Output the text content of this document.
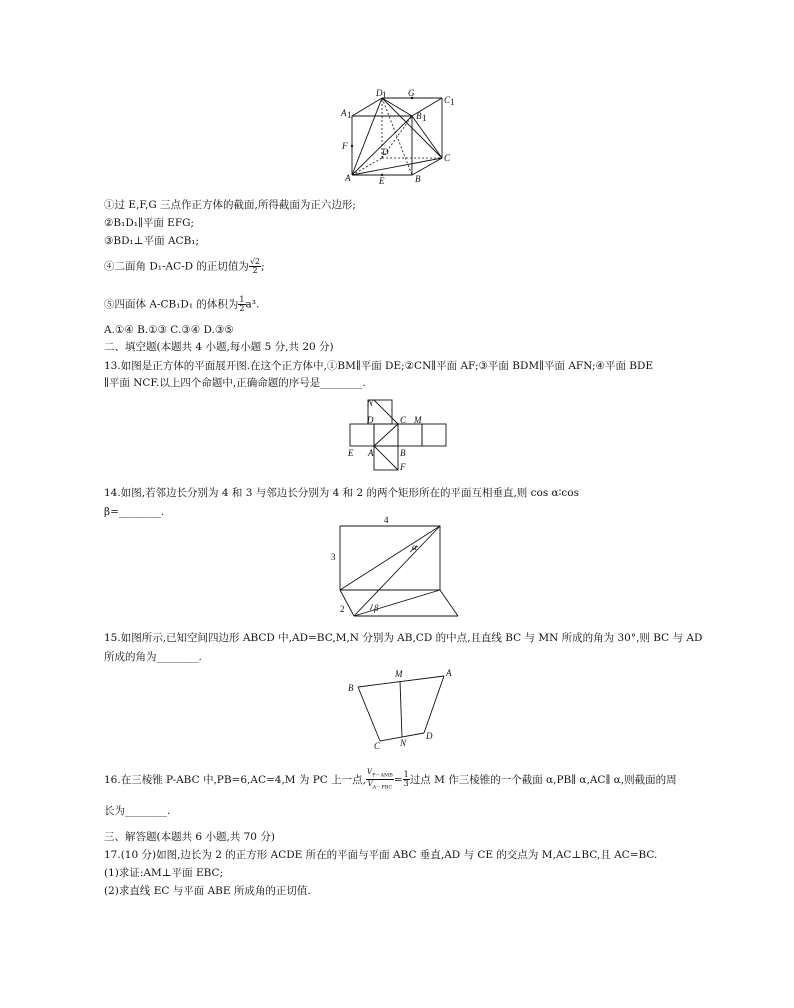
D 1 G
C 1
A 1	B 1
F
D
C
A	E	B
①过 E,F,G 三点作正方体的截面,所得截面为正六边形;
②B₁D₁∥平面 EFG;
③BD₁⊥平面 ACB₁;
④二面角 D₁-AC-D 的正切值为 $\frac{√2}{2}$ ;
⑤四面体 A-CB₁D₁ 的体积为 $\frac{1}{2} a^3$.
A.①④ B.①③ C.③④ D.③⑤
二、填空题(本题共 4 小题,每小题 5 分,共 20 分)
13.如图是正方体的平面展开图.在这个正方体中,①BM∥平面 DE;②CN∥平面 AF;③平面 BDM∥平面 AFN;④平面 BDE
∥平面 NCF.以上四个命题中,正确命题的序号是________.
N
D	C M
E A	B
F
14.如图,若邻边长分别为 4 和 3 与邻边长分别为 4 和 2 的两个矩形所在的平面互相垂直,则 cos α∶cos
β=________.
4
3
2
α
β
15.如图所示,已知空间四边形 ABCD 中,AD=BC,M,N 分别为 AB,CD 的中点,且直线 BC 与 MN 所成的角为 30°,则 BC 与 AD
所成的角为________.
B
M	A
C N
D
16.在三棱锥 P-ABC 中,PB=6,AC=4,M 为 PC 上一点, $\frac{V_{P-AMB}}{V_{A-PBC}} = \frac{1}{3}$ 过点 M 作三棱锥的一个截面 α,PB∥ α,AC∥ α,则截面的周
长为________.
三、解答题(本题共 6 小题,共 70 分)
17.(10 分)如图,边长为 2 的正方形 ACDE 所在的平面与平面 ABC 垂直,AD 与 CE 的交点为 M,AC⊥BC,且 AC=BC.
(1)求证:AM⊥平面 EBC;
(2)求直线 EC 与平面 ABE 所成角的正切值.
